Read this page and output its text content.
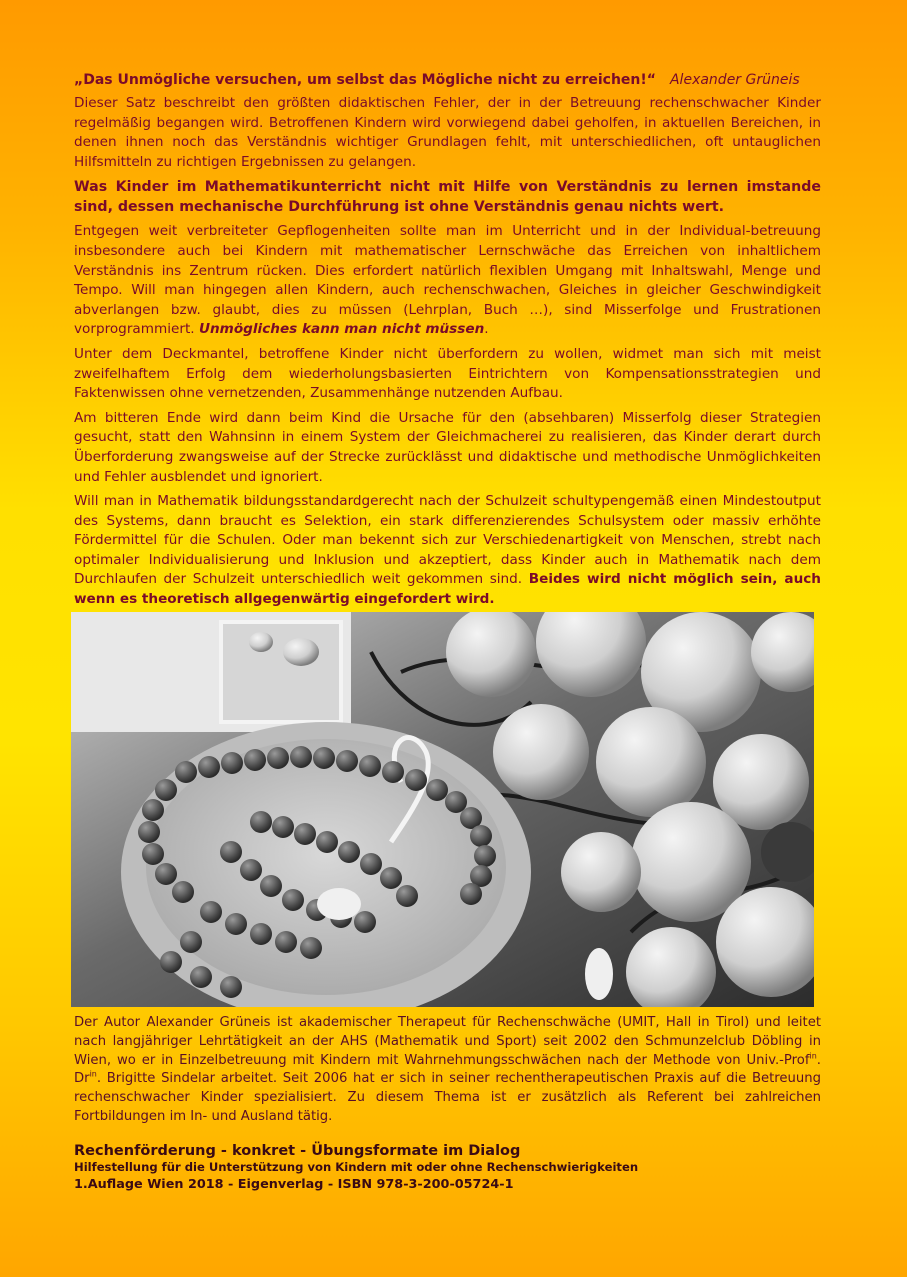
„Das Unmögliche versuchen, um selbst das Mögliche nicht zu erreichen!“ Alexander Grüneis

Dieser Satz beschreibt den größten didaktischen Fehler, der in der Betreuung rechenschwacher Kinder regelmäßig begangen wird. Betroffenen Kindern wird vorwiegend dabei geholfen, in aktuellen Bereichen, in denen ihnen noch das Verständnis wichtiger Grundlagen fehlt, mit unterschiedlichen, oft untauglichen Hilfsmitteln zu richtigen Ergebnissen zu gelangen.

Was Kinder im Mathematikunterricht nicht mit Hilfe von Verständnis zu lernen imstande sind, dessen mechanische Durchführung ist ohne Verständnis genau nichts wert.

Entgegen weit verbreiteter Gepflogenheiten sollte man im Unterricht und in der Individual-betreuung insbesondere auch bei Kindern mit mathematischer Lernschwäche das Erreichen von inhaltlichem Verständnis ins Zentrum rücken. Dies erfordert natürlich flexiblen Umgang mit Inhaltswahl, Menge und Tempo. Will man hingegen allen Kindern, auch rechenschwachen, Gleiches in gleicher Geschwindigkeit abverlangen bzw. glaubt, dies zu müssen (Lehrplan, Buch …), sind Misserfolge und Frustrationen vorprogrammiert. Unmögliches kann man nicht müssen.

Unter dem Deckmantel, betroffene Kinder nicht überfordern zu wollen, widmet man sich mit meist zweifelhaftem Erfolg dem wiederholungsbasierten Eintrichtern von Kompensationsstrategien und Faktenwissen ohne vernetzenden, Zusammenhänge nutzenden Aufbau.

Am bitteren Ende wird dann beim Kind die Ursache für den (absehbaren) Misserfolg dieser Strategien gesucht, statt den Wahnsinn in einem System der Gleichmacherei zu realisieren, das Kinder derart durch Überforderung zwangsweise auf der Strecke zurücklässt und didaktische und methodische Unmöglichkeiten und Fehler ausblendet und ignoriert.

Will man in Mathematik bildungsstandardgerecht nach der Schulzeit schultypengemäß einen Mindestoutput des Systems, dann braucht es Selektion, ein stark differenzierendes Schulsystem oder massiv erhöhte Fördermittel für die Schulen. Oder man bekennt sich zur Verschiedenartigkeit von Menschen, strebt nach optimaler Individualisierung und Inklusion und akzeptiert, dass Kinder auch in Mathematik nach dem Durchlaufen der Schulzeit unterschiedlich weit gekommen sind. Beides wird nicht möglich sein, auch wenn es theoretisch allgegenwärtig eingefordert wird.

Der Autor Alexander Grüneis ist akademischer Therapeut für Rechenschwäche (UMIT, Hall in Tirol) und leitet nach langjähriger Lehrtätigkeit an der AHS (Mathematik und Sport) seit 2002 den Schmunzelclub Döbling in Wien, wo er in Einzelbetreuung mit Kindern mit Wahrnehmungsschwächen nach der Methode von Univ.-Prof$^{in}$. $Dr^{in}$. Brigitte Sindelar arbeitet. Seit 2006 hat er sich in seiner rechentherapeutischen Praxis auf die Betreuung rechenschwacher Kinder spezialisiert. Zu diesem Thema ist er zusätzlich als Referent bei zahlreichen Fortbildungen im In- und Ausland tätig.

Rechenförderung - konkret - Übungsformate im Dialog

Hilfestellung für die Unterstützung von Kindern mit oder ohne Rechenschwierigkeiten

1.Auflage Wien 2018 - Eigenverlag - ISBN 978-3-200-05724-1
